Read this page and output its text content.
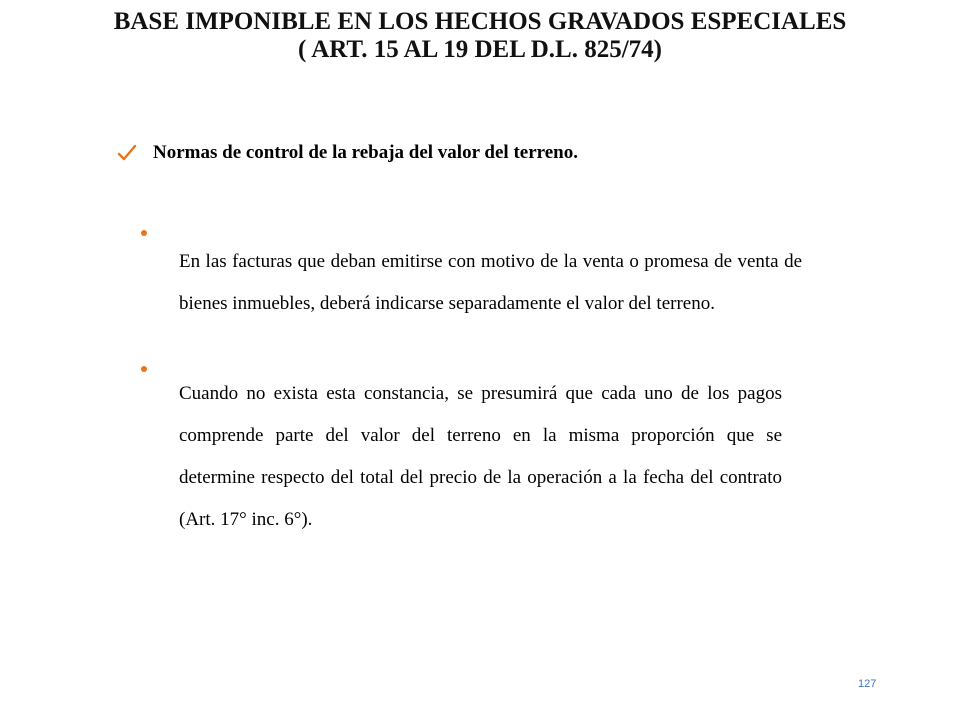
BASE IMPONIBLE EN LOS HECHOS GRAVADOS ESPECIALES
( ART. 15 AL 19 DEL D.L. 825/74)
Normas de control de la rebaja del valor del terreno.

En las facturas que deban emitirse con motivo de la venta o promesa de venta de bienes inmuebles, deberá indicarse separadamente el valor del terreno.

Cuando no exista esta constancia, se presumirá que cada uno de los pagos comprende parte del valor del terreno en la misma proporción que se determine respecto del total del precio de la operación a la fecha del contrato (Art. 17° inc. 6°).

127
